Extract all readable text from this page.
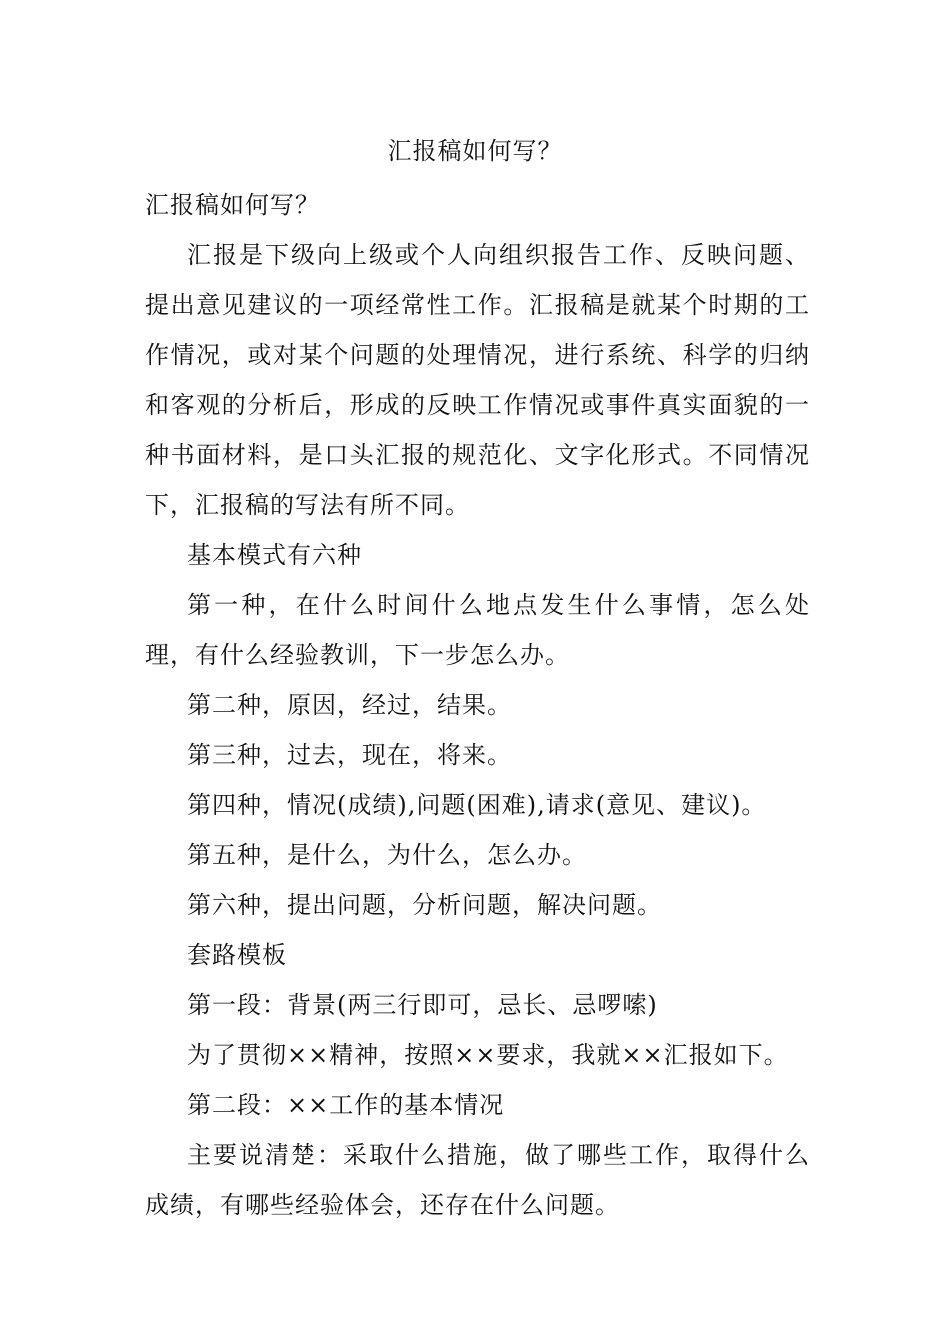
汇报稿如何写？

汇报稿如何写？

汇报是下级向上级或个人向组织报告工作、反映问题、提出意见建议的一项经常性工作。汇报稿是就某个时期的工作情况，或对某个问题的处理情况，进行系统、科学的归纳和客观的分析后，形成的反映工作情况或事件真实面貌的一种书面材料，是口头汇报的规范化、文字化形式。不同情况下，汇报稿的写法有所不同。

基本模式有六种

第一种，在什么时间什么地点发生什么事情，怎么处理，有什么经验教训，下一步怎么办。

第二种，原因，经过，结果。

第三种，过去，现在，将来。

第四种，情况(成绩),问题(困难),请求(意见、建议)。

第五种，是什么，为什么，怎么办。

第六种，提出问题，分析问题，解决问题。

套路模板

第一段：背景(两三行即可，忌长、忌啰嗦)

为了贯彻××精神，按照××要求，我就××汇报如下。

第二段：××工作的基本情况

主要说清楚：采取什么措施，做了哪些工作，取得什么成绩，有哪些经验体会，还存在什么问题。
